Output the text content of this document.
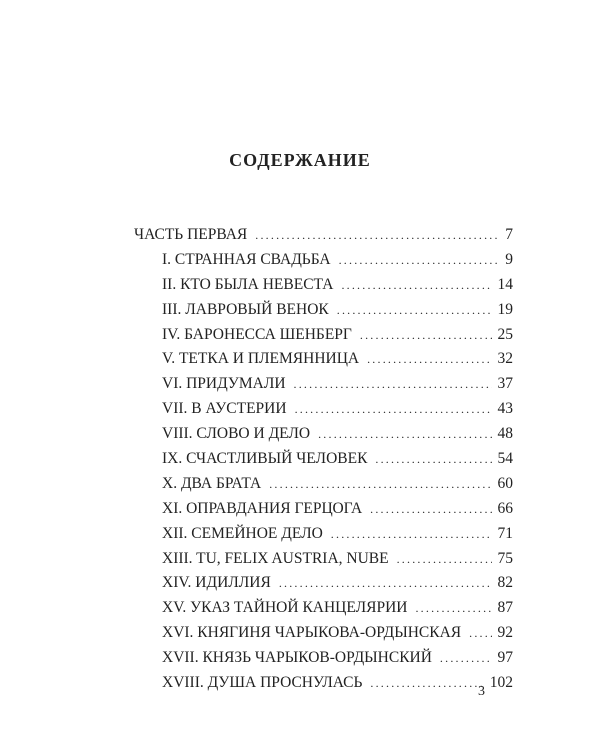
СОДЕРЖАНИЕ
ЧАСТЬ ПЕРВАЯ .....	7
I. СТРАННАЯ СВАДЬБА .....	9
II. КТО БЫЛА НЕВЕСТА .....	14
III. ЛАВРОВЫЙ ВЕНОК .....	19
IV. БАРОНЕССА ШЕНБЕРГ .....	25
V. ТЕТКА И ПЛЕМЯННИЦА .....	32
VI. ПРИДУМАЛИ .....	37
VII. В АУСТЕРИИ .....	43
VIII. СЛОВО И ДЕЛО .....	48
IX. СЧАСТЛИВЫЙ ЧЕЛОВЕК .....	54
X. ДВА БРАТА .....	60
XI. ОПРАВДАНИЯ ГЕРЦОГА .....	66
XII. СЕМЕЙНОЕ ДЕЛО .....	71
XIII. TU, FELIX AUSTRIA, NUBE .....	75
XIV. ИДИЛЛИЯ .....	82
XV. УКАЗ ТАЙНОЙ КАНЦЕЛЯРИИ .....	87
XVI. КНЯГИНЯ ЧАРЫКОВА-ОРДЫНСКАЯ ..... 92
XVII. КНЯЗЬ ЧАРЫКОВ-ОРДЫНСКИЙ .....	97
XVIII. ДУША ПРОСНУЛАСЬ .....	102
3
